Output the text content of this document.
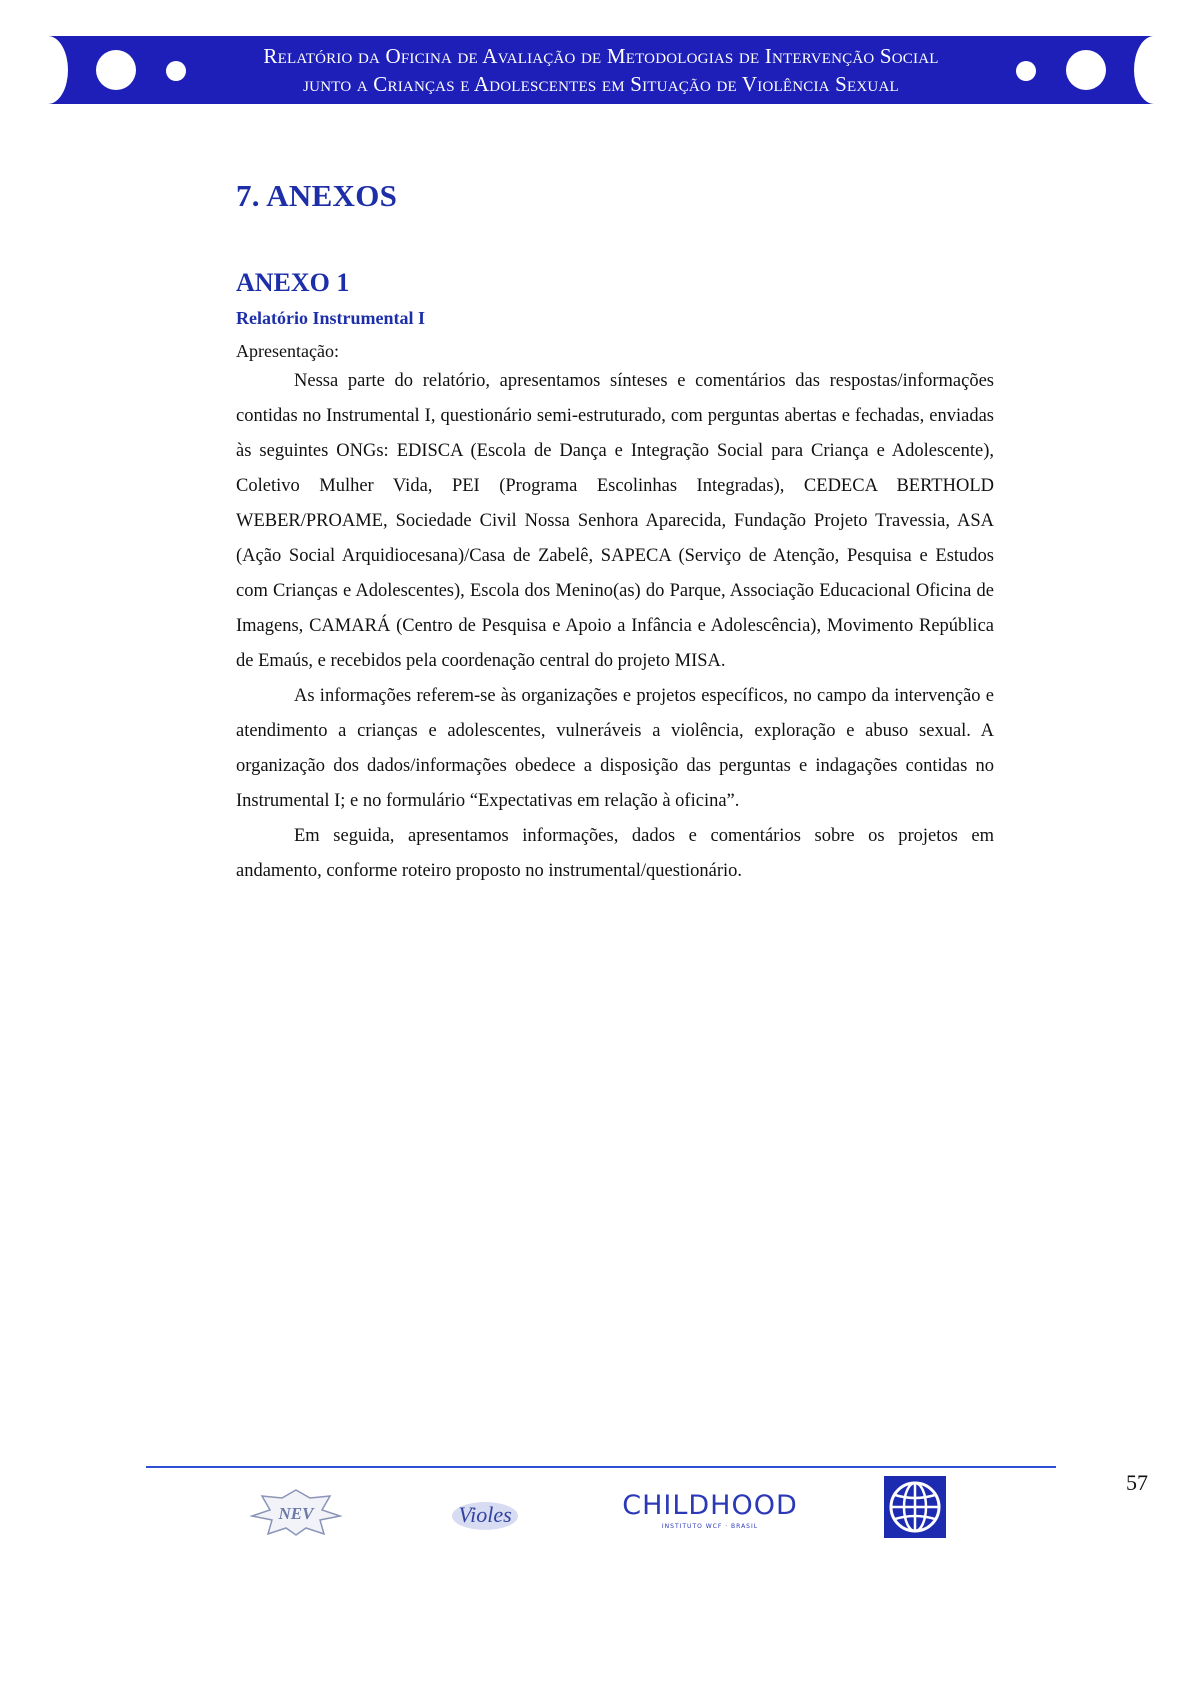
Relatório da Oficina de Avaliação de Metodologias de Intervenção Social
junto a Crianças e Adolescentes em Situação de Violência Sexual
7. ANEXOS
ANEXO 1
Relatório Instrumental I
Apresentação:

Nessa parte do relatório, apresentamos sínteses e comentários das respostas/informações contidas no Instrumental I, questionário semi-estruturado, com perguntas abertas e fechadas, enviadas às seguintes ONGs: EDISCA (Escola de Dança e Integração Social para Criança e Adolescente), Coletivo Mulher Vida, PEI (Programa Escolinhas Integradas), CEDECA BERTHOLD WEBER/PROAME, Sociedade Civil Nossa Senhora Aparecida, Fundação Projeto Travessia, ASA (Ação Social Arquidiocesana)/Casa de Zabelê, SAPECA (Serviço de Atenção, Pesquisa e Estudos com Crianças e Adolescentes), Escola dos Menino(as) do Parque, Associação Educacional Oficina de Imagens, CAMARÁ (Centro de Pesquisa e Apoio a Infância e Adolescência), Movimento República de Emaús, e recebidos pela coordenação central do projeto MISA.

As informações referem-se às organizações e projetos específicos, no campo da intervenção e atendimento a crianças e adolescentes, vulneráveis a violência, exploração e abuso sexual. A organização dos dados/informações obedece a disposição das perguntas e indagações contidas no Instrumental I; e no formulário “Expectativas em relação à oficina”.

Em seguida, apresentamos informações, dados e comentários sobre os projetos em andamento, conforme roteiro proposto no instrumental/questionário.

57
NEV	Violes	CHILDHOOD
INSTITUTO WCF · BRASIL
